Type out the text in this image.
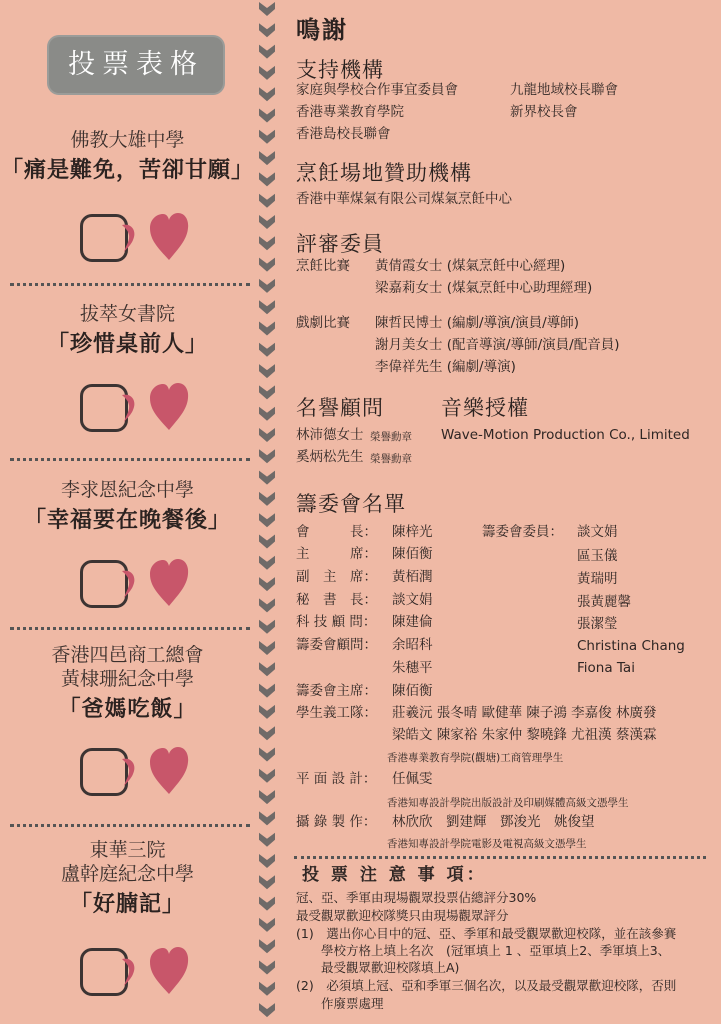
投票表格
佛教大雄中學
「痛是難免，苦卻甘願」
拔萃女書院
「珍惜桌前人」
李求恩紀念中學
「幸福要在晚餐後」
香港四邑商工總會
黃棣珊紀念中學
「爸媽吃飯」
東華三院
盧幹庭紀念中學
「好腩記」
鳴謝
支持機構
家庭與學校合作事宜委員會	九龍地域校長聯會
香港專業教育學院	新界校長會
香港島校長聯會
烹飪場地贊助機構
香港中華煤氣有限公司煤氣烹飪中心
評審委員
烹飪比賽 黃倩霞女士 (煤氣烹飪中心經理)
梁嘉莉女士 (煤氣烹飪中心助理經理)
戲劇比賽 陳哲民博士 (編劇/導演/演員/導師)
謝月美女士 (配音導演/導師/演員/配音員)
李偉祥先生 (編劇/導演)
名譽顧問	音樂授權
林沛德女士 榮譽勳章 Wave-Motion Production Co., Limited
奚炳松先生 榮譽勳章
籌委會名單
會　　　長： 陳梓光
主　　　席： 陳佰衡
副　主　席： 黃栢潤
秘　書　長： 談文娟
科 技 顧 問： 陳建倫
籌委會顧問： 余昭科
朱穗平
籌委會委員： 談文娟
區玉儀
黃瑞明
張黃麗馨
張潔瑩
Christina Chang
Fiona Tai
籌委會主席： 陳佰衡
學生義工隊： 莊羲沅 張冬晴 歐健華 陳子鴻 李嘉俊 林廣發
梁皓文 陳家裕 朱家仲 黎曉鋒 尤祖漢 蔡漢霖
香港專業教育學院(觀塘)工商管理學生
平 面 設 計： 任佩雯
香港知專設計學院出版設計及印刷媒體高級文憑學生
攝 錄 製 作： 林欣欣　劉建輝　鄧浚光　姚俊望
香港知專設計學院電影及電視高級文憑學生
投 票 注 意 事 項：
冠、亞、季軍由現場觀眾投票佔總評分30%
最受觀眾歡迎校隊獎只由現場觀眾評分
(1)　選出你心目中的冠、亞、季軍和最受觀眾歡迎校隊，並在該參賽
　　學校方格上填上名次　(冠軍填上 1 、亞軍填上2、季軍填上3、
　　最受觀眾歡迎校隊填上A)
(2)　必須填上冠、亞和季軍三個名次，以及最受觀眾歡迎校隊，否則
　　作廢票處理
